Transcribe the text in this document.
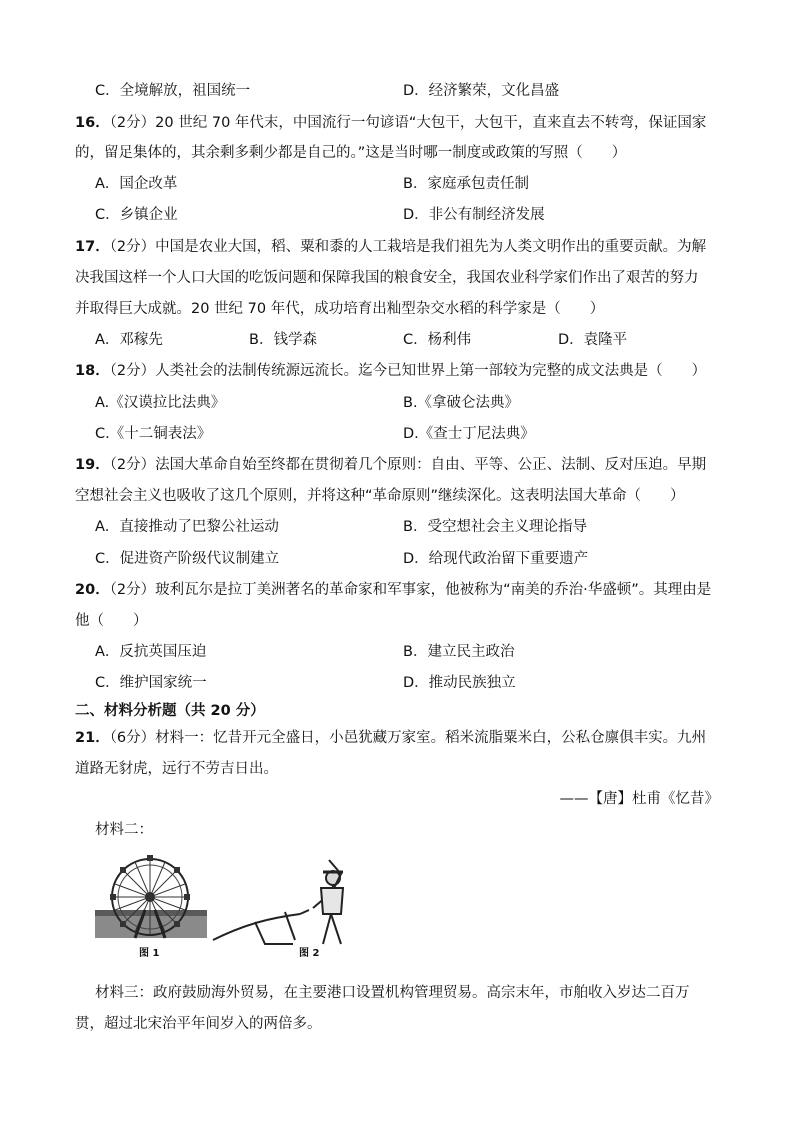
C．全境解放，祖国统一	D．经济繁荣，文化昌盛
16．（2分）20 世纪 70 年代末，中国流行一句谚语“大包干，大包干，直来直去不转弯，保证国家
的，留足集体的，其余剩多剩少都是自己的。”这是当时哪一制度或政策的写照（　　）
A．国企改革	B．家庭承包责任制
C．乡镇企业	D．非公有制经济发展
17．（2分）中国是农业大国，稻、粟和黍的人工栽培是我们祖先为人类文明作出的重要贡献。为解
决我国这样一个人口大国的吃饭问题和保障我国的粮食安全，我国农业科学家们作出了艰苦的努力
并取得巨大成就。20 世纪 70 年代，成功培育出籼型杂交水稻的科学家是（　　）
A．邓稼先	B．钱学森	C．杨利伟	D．袁隆平
18．（2分）人类社会的法制传统源远流长。迄今已知世界上第一部较为完整的成文法典是（　　）
A.《汉谟拉比法典》	B.《拿破仑法典》
C.《十二铜表法》	D.《查士丁尼法典》
19．（2分）法国大革命自始至终都在贯彻着几个原则：自由、平等、公正、法制、反对压迫。早期
空想社会主义也吸收了这几个原则，并将这种“革命原则”继续深化。这表明法国大革命（　　）
A．直接推动了巴黎公社运动	B．受空想社会主义理论指导
C．促进资产阶级代议制建立	D．给现代政治留下重要遗产
20．（2分）玻利瓦尔是拉丁美洲著名的革命家和军事家，他被称为“南美的乔治·华盛顿”。其理由是
他（　　）
A．反抗英国压迫	B．建立民主政治
C．维护国家统一	D．推动民族独立
二、材料分析题（共 20 分）
21．（6分）材料一：忆昔开元全盛日，小邑犹藏万家室。稻米流脂粟米白，公私仓廪俱丰实。九州
道路无豺虎，远行不劳吉日出。
——【唐】杜甫《忆昔》
材料二：
图 1	图 2
材料三：政府鼓励海外贸易，在主要港口设置机构管理贸易。高宗末年，市舶收入岁达二百万
贯，超过北宋治平年间岁入的两倍多。
